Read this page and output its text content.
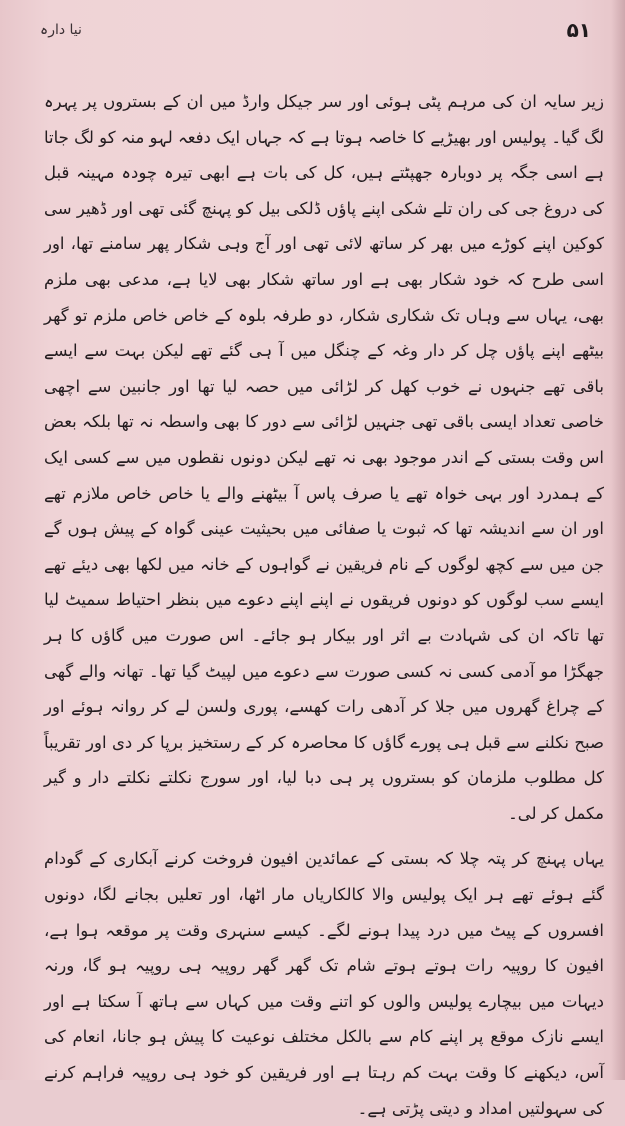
۵۱
نیا دارہ

زیر سایہ ان کی مرہم پٹی ہوئی اور سر جیکل وارڈ میں ان کے بستروں پر پہرہ لگ گیا۔ پولیس اور بھیڑیے کا خاصہ ہوتا ہے کہ جہاں ایک دفعہ لہو منہ کو لگ جاتا ہے اسی جگہ پر دوبارہ جھپٹتے ہیں، کل کی بات ہے ابھی تیرہ چودہ مہینہ قبل کی دروغ جی کی ران تلے شکی اپنے پاؤں ڈلکی بیل کو پہنچ گئی تھی اور ڈھیر سی کوکین اپنے کوڑے میں بھر کر ساتھ لائی تھی اور آج وہی شکار پھر سامنے تھا، اور اسی طرح کہ خود شکار بھی ہے اور ساتھ شکار بھی لایا ہے، مدعی بھی ملزم بھی، یہاں سے وہاں تک شکاری شکار، دو طرفہ بلوہ کے خاص خاص ملزم تو گھر بیٹھے اپنے پاؤں چل کر دار وغہ کے چنگل میں آ ہی گئے تھے لیکن بہت سے ایسے باقی تھے جنہوں نے خوب کھل کر لڑائی میں حصہ لیا تھا اور جانبین سے اچھی خاصی تعداد ایسی باقی تھی جنہیں لڑائی سے دور کا بھی واسطہ نہ تھا بلکہ بعض اس وقت بستی کے اندر موجود بھی نہ تھے لیکن دونوں نقطوں میں سے کسی ایک کے ہمدرد اور بہی خواہ تھے یا صرف پاس آ بیٹھنے والے یا خاص خاص ملازم تھے اور ان سے اندیشہ تھا کہ ثبوت یا صفائی میں بحیثیت عینی گواہ کے پیش ہوں گے جن میں سے کچھ لوگوں کے نام فریقین نے گواہوں کے خانہ میں لکھا بھی دیئے تھے ایسے سب لوگوں کو دونوں فریقوں نے اپنے اپنے دعوے میں بنظر احتیاط سمیٹ لیا تھا تاکہ ان کی شہادت بے اثر اور بیکار ہو جائے۔ اس صورت میں گاؤں کا ہر جھگڑا مو آدمی کسی نہ کسی صورت سے دعوے میں لپیٹ گیا تھا۔ تھانہ والے گھی کے چراغ گھروں میں جلا کر آدھی رات کھسے، پوری ولسن لے کر روانہ ہوئے اور صبح نکلنے سے قبل ہی پورے گاؤں کا محاصرہ کر کے رستخیز برپا کر دی اور تقریباً کل مطلوب ملزمان کو بستروں پر ہی دبا لیا، اور سورج نکلتے نکلتے دار و گیر مکمل کر لی۔

یہاں پہنچ کر پتہ چلا کہ بستی کے عمائدین افیون فروخت کرنے آبکاری کے گودام گئے ہوئے تھے ہر ایک پولیس والا کالکاریاں مار اٹھا، اور تعلیں بجانے لگا، دونوں افسروں کے پیٹ میں درد پیدا ہونے لگے۔ کیسے سنہری وقت پر موقعہ ہوا ہے، افیون کا روپیہ رات ہوتے ہوتے شام تک گھر گھر روپیہ ہی روپیہ ہو گا، ورنہ دیہات میں بیچارے پولیس والوں کو اتنے وقت میں کہاں سے ہاتھ آ سکتا ہے اور ایسے نازک موقع پر اپنے کام سے بالکل مختلف نوعیت کا پیش ہو جانا، انعام کی آس، دیکھنے کا وقت بہت کم رہتا ہے اور فریقین کو خود ہی روپیہ فراہم کرنے کی سہولتیں امداد و دیتی پڑتی ہے۔
